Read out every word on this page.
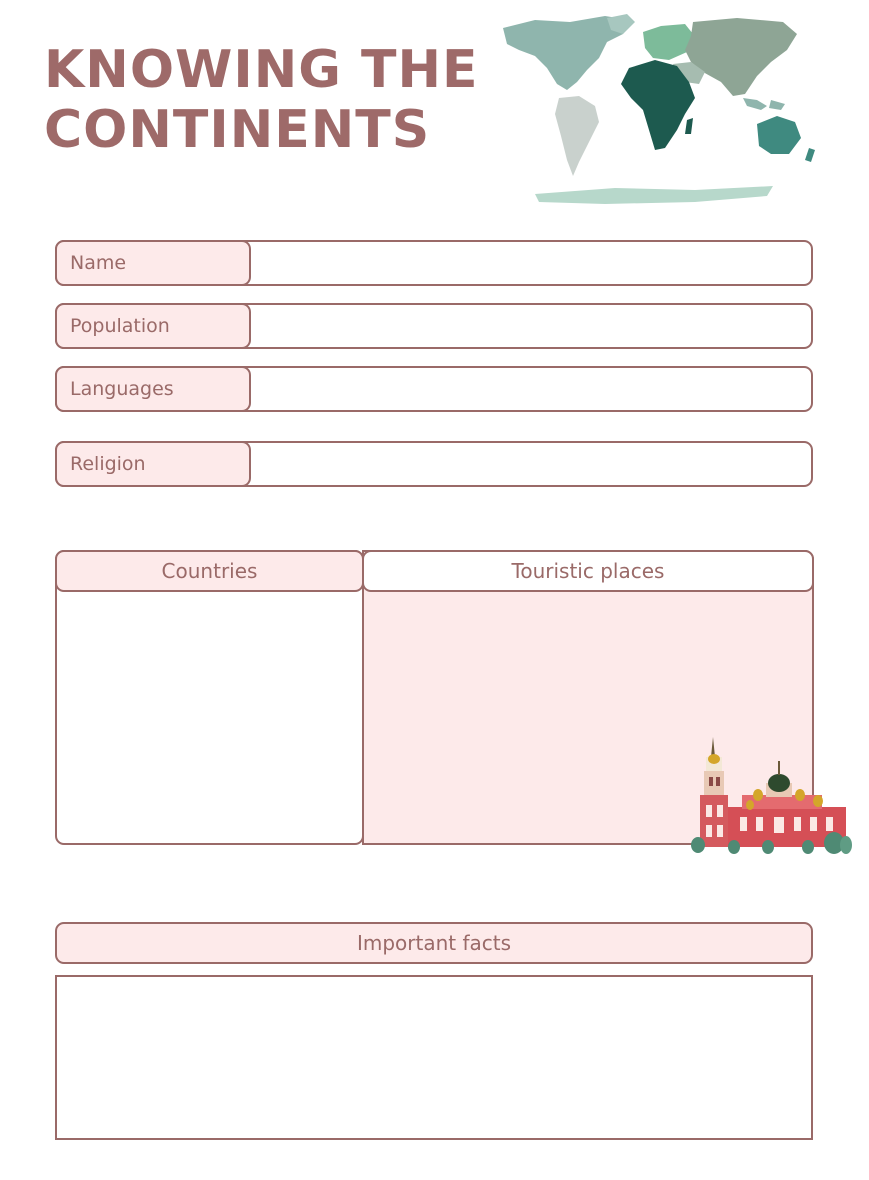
KNOWING THE
CONTINENTS
Name
Population
Languages
Religion
Countries	Touristic places
Important facts
